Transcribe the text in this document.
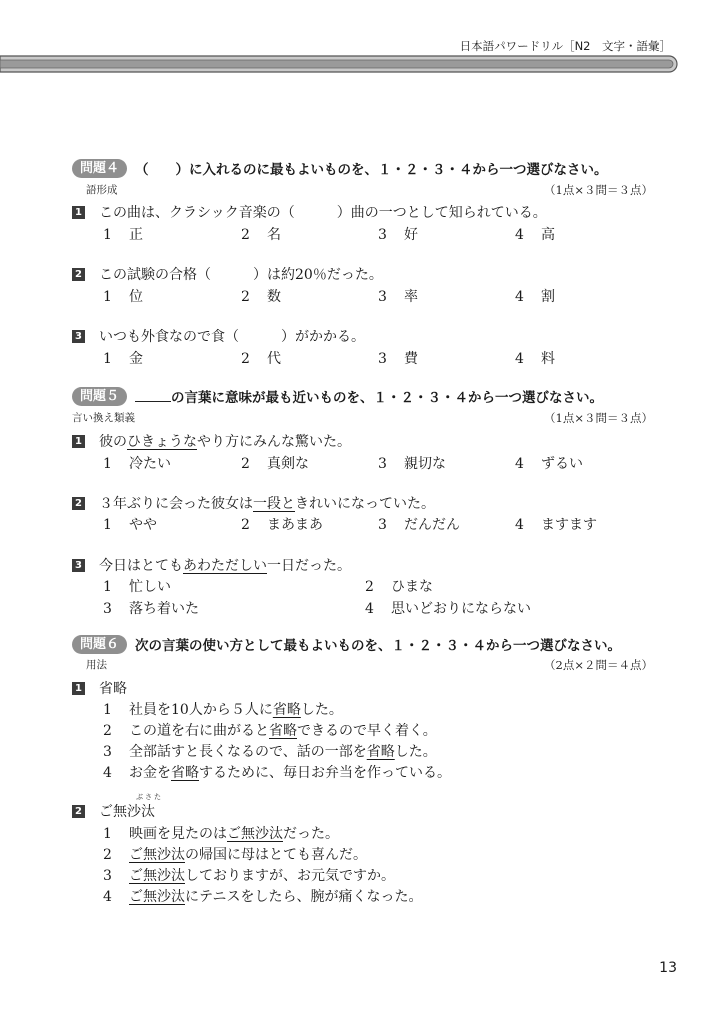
日本語パワードリル［N2　文字・語彙］
問題４	（　　）に入れるのに最もよいものを、１・２・３・４から一つ選びなさい。
語形成	（1点×３問＝３点）
1 この曲は、クラシック音楽の（　　　）曲の一つとして知られている。
1 正	2 名	3 好	4 高
2 この試験の合格（　　　）は約20％だった。
1 位	2 数	3 率	4 割
3 いつも外食なので食（　　　）がかかる。
1 金	2 代	3 費	4 料
問題５	の言葉に意味が最も近いものを、１・２・３・４から一つ選びなさい。
言い換え類義	（1点×３問＝３点）
1 彼のひきょうなやり方にみんな驚いた。
1 冷たい	2 真剣な	3 親切な	4 ずるい
2 ３年ぶりに会った彼女は一段ときれいになっていた。
1 やや	2 まあまあ	3 だんだん	4 ますます
3 今日はとてもあわただしい一日だった。
1 忙しい	2 ひまな
3 落ち着いた	4 思いどおりにならない
問題６	次の言葉の使い方として最もよいものを、１・２・３・４から一つ選びなさい。
用法	（2点×２問＝４点）
1 省略
1 社員を10人から５人に省略した。
2 この道を右に曲がると省略できるので早く着く。
3 全部話すと長くなるので、話の一部を省略した。
4 お金を省略するために、毎日お弁当を作っている。
ぶさた
2 ご無沙汰
1 映画を見たのはご無沙汰だった。
2 ご無沙汰の帰国に母はとても喜んだ。
3 ご無沙汰しておりますが、お元気ですか。
4 ご無沙汰にテニスをしたら、腕が痛くなった。
13
